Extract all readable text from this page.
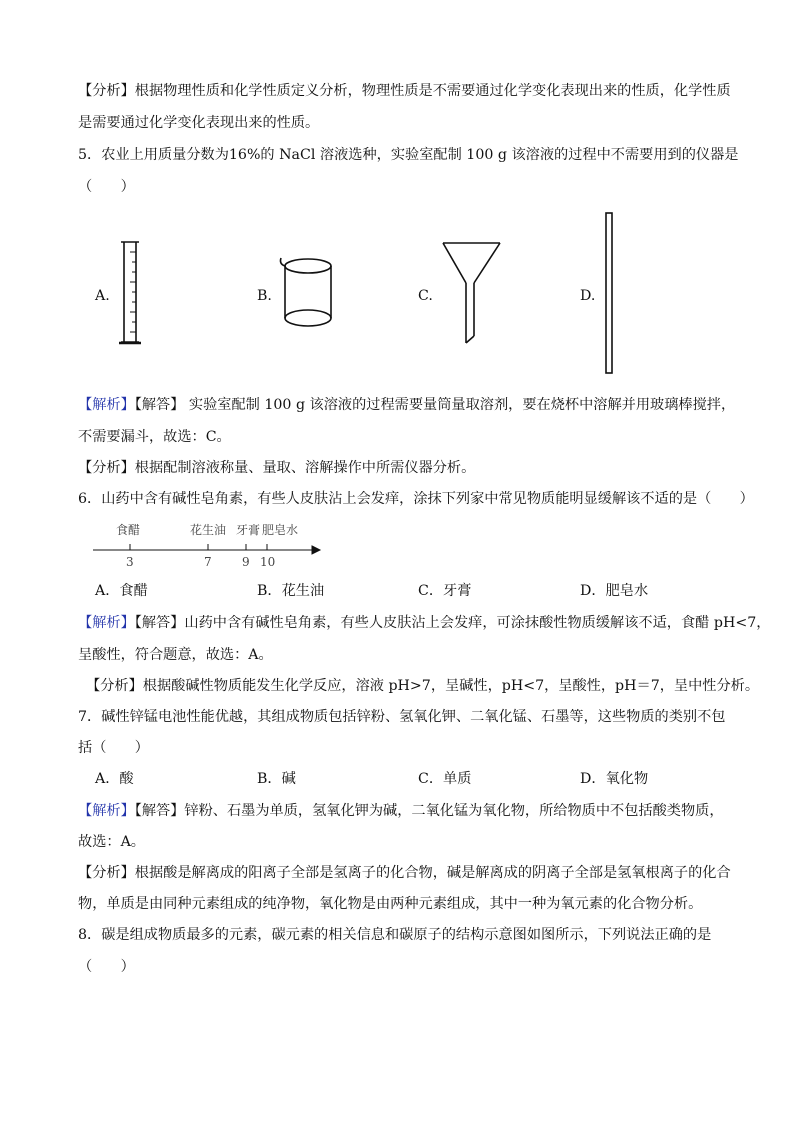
【分析】根据物理性质和化学性质定义分析，物理性质是不需要通过化学变化表现出来的性质，化学性质
是需要通过化学变化表现出来的性质。
5．农业上用质量分数为16%的 NaCl 溶液选种，实验室配制 100 g 该溶液的过程中不需要用到的仪器是
（　　）
A.	B.	C.	D.
食醋	花生油 牙膏 肥皂水
3	7	9 10
【解析】【解答】 实验室配制 100 g 该溶液的过程需要量筒量取溶剂，要在烧杯中溶解并用玻璃棒搅拌，
不需要漏斗，故选：C。
【分析】根据配制溶液称量、量取、溶解操作中所需仪器分析。
6．山药中含有碱性皂角素，有些人皮肤沾上会发痒，涂抹下列家中常见物质能明显缓解该不适的是（　　）
A．食醋	B．花生油	C．牙膏	D．肥皂水
【解析】【解答】山药中含有碱性皂角素，有些人皮肤沾上会发痒，可涂抹酸性物质缓解该不适，食醋 pH<7，
呈酸性，符合题意，故选：A。
【分析】根据酸碱性物质能发生化学反应，溶液 pH>7，呈碱性，pH<7，呈酸性，pH＝7，呈中性分析。
7．碱性锌锰电池性能优越，其组成物质包括锌粉、氢氧化钾、二氧化锰、石墨等，这些物质的类别不包
括（　　）
A．酸	B．碱	C．单质	D．氧化物
【解析】【解答】锌粉、石墨为单质，氢氧化钾为碱，二氧化锰为氧化物，所给物质中不包括酸类物质，
故选：A。
【分析】根据酸是解离成的阳离子全部是氢离子的化合物，碱是解离成的阴离子全部是氢氧根离子的化合
物，单质是由同种元素组成的纯净物，氧化物是由两种元素组成，其中一种为氧元素的化合物分析。
8．碳是组成物质最多的元素，碳元素的相关信息和碳原子的结构示意图如图所示，下列说法正确的是
（　　）
